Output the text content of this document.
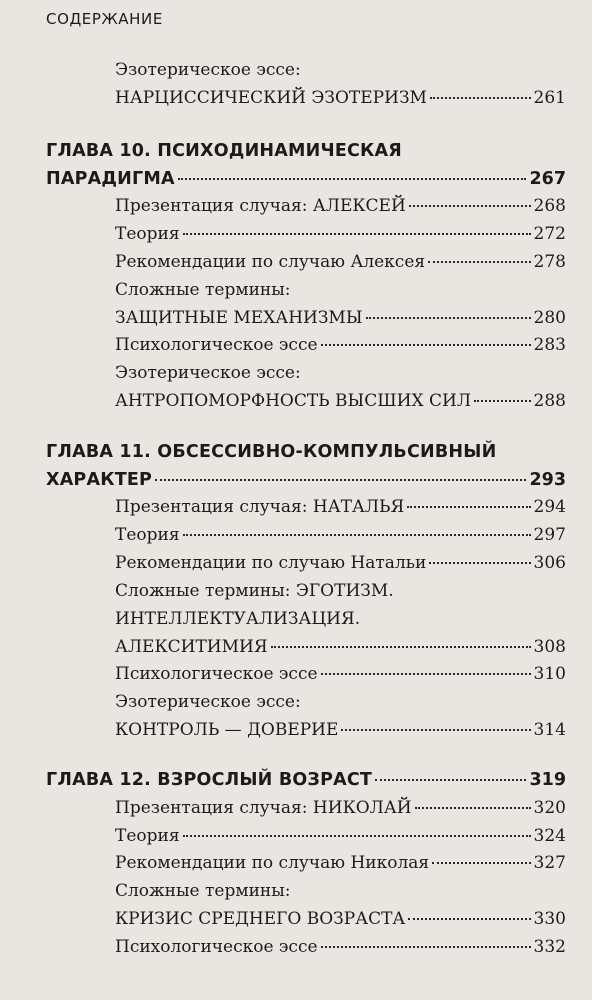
СОДЕРЖАНИЕ
Эзотерическое эссе:
НАРЦИССИЧЕСКИЙ ЭЗОТЕРИЗМ	261
ГЛАВА 10. ПСИХОДИНАМИЧЕСКАЯ
ПАРАДИГМА	267
Презентация случая: АЛЕКСЕЙ	268
Теория	272
Рекомендации по случаю Алексея	278
Сложные термины:
ЗАЩИТНЫЕ МЕХАНИЗМЫ	280
Психологическое эссе	283
Эзотерическое эссе:
АНТРОПОМОРФНОСТЬ ВЫСШИХ СИЛ	288
ГЛАВА 11. ОБСЕССИВНО-КОМПУЛЬСИВНЫЙ
ХАРАКТЕР	293
Презентация случая: НАТАЛЬЯ	294
Теория	297
Рекомендации по случаю Натальи	306
Сложные термины: ЭГОТИЗМ.
ИНТЕЛЛЕКТУАЛИЗАЦИЯ.
АЛЕКСИТИМИЯ	308
Психологическое эссе	310
Эзотерическое эссе:
КОНТРОЛЬ — ДОВЕРИЕ	314
ГЛАВА 12. ВЗРОСЛЫЙ ВОЗРАСТ	319
Презентация случая: НИКОЛАЙ	320
Теория	324
Рекомендации по случаю Николая	327
Сложные термины:
КРИЗИС СРЕДНЕГО ВОЗРАСТА	330
Психологическое эссе	332
